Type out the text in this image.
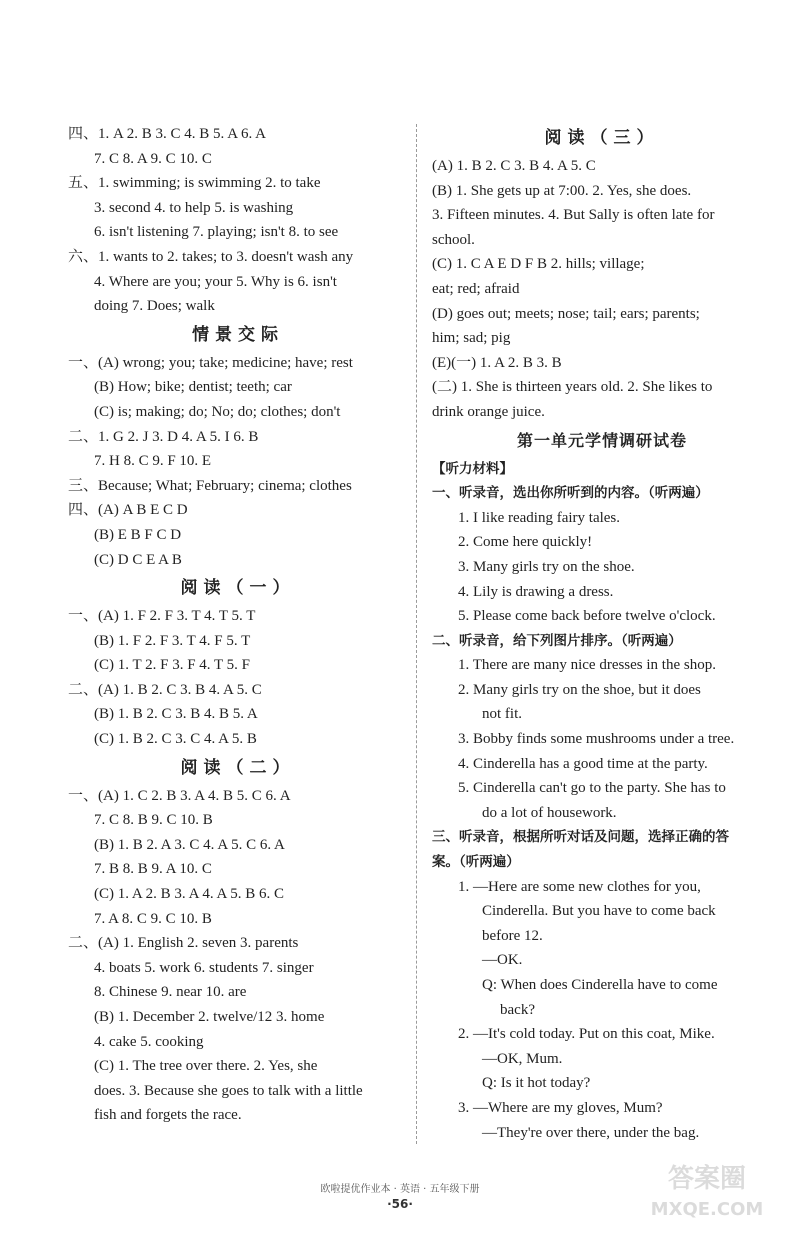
四、1. A 2. B 3. C 4. B 5. A 6. A
7. C 8. A 9. C 10. C
五、1. swimming; is swimming 2. to take
3. second 4. to help 5. is washing
6. isn't listening 7. playing; isn't 8. to see
六、1. wants to 2. takes; to 3. doesn't wash any
4. Where are you; your 5. Why is 6. isn't
doing 7. Does; walk
情景交际
一、(A) wrong; you; take; medicine; have; rest
(B) How; bike; dentist; teeth; car
(C) is; making; do; No; do; clothes; don't
二、1. G 2. J 3. D 4. A 5. I 6. B
7. H 8. C 9. F 10. E
三、Because; What; February; cinema; clothes
四、(A) A B E C D
(B) E B F C D
(C) D C E A B
阅读（一）
一、(A) 1. F 2. F 3. T 4. T 5. T
(B) 1. F 2. F 3. T 4. F 5. T
(C) 1. T 2. F 3. F 4. T 5. F
二、(A) 1. B 2. C 3. B 4. A 5. C
(B) 1. B 2. C 3. B 4. B 5. A
(C) 1. B 2. C 3. C 4. A 5. B
阅读（二）
一、(A) 1. C 2. B 3. A 4. B 5. C 6. A
7. C 8. B 9. C 10. B
(B) 1. B 2. A 3. C 4. A 5. C 6. A
7. B 8. B 9. A 10. C
(C) 1. A 2. B 3. A 4. A 5. B 6. C
7. A 8. C 9. C 10. B
二、(A) 1. English 2. seven 3. parents
4. boats 5. work 6. students 7. singer
8. Chinese 9. near 10. are
(B) 1. December 2. twelve/12 3. home
4. cake 5. cooking
(C) 1. The tree over there. 2. Yes, she
does. 3. Because she goes to talk with a little
fish and forgets the race.
阅读（三）
(A) 1. B 2. C 3. B 4. A 5. C
(B) 1. She gets up at 7:00. 2. Yes, she does.
3. Fifteen minutes. 4. But Sally is often late for
school.
(C) 1. C A E D F B 2. hills; village;
eat; red; afraid
(D) goes out; meets; nose; tail; ears; parents;
him; sad; pig
(E)(一) 1. A 2. B 3. B
(二) 1. She is thirteen years old. 2. She likes to
drink orange juice.
第一单元学情调研试卷
【听力材料】
一、听录音，选出你所听到的内容。（听两遍）
1. I like reading fairy tales.
2. Come here quickly!
3. Many girls try on the shoe.
4. Lily is drawing a dress.
5. Please come back before twelve o'clock.
二、听录音，给下列图片排序。（听两遍）
1. There are many nice dresses in the shop.
2. Many girls try on the shoe, but it does
not fit.
3. Bobby finds some mushrooms under a tree.
4. Cinderella has a good time at the party.
5. Cinderella can't go to the party. She has to
do a lot of housework.
三、听录音，根据所听对话及问题，选择正确的答
案。（听两遍）
1. —Here are some new clothes for you,
Cinderella. But you have to come back
before 12.
—OK.
Q: When does Cinderella have to come
back?
2. —It's cold today. Put on this coat, Mike.
—OK, Mum.
Q: Is it hot today?
3. —Where are my gloves, Mum?
—They're over there, under the bag.
欧啦提优作业本 · 英语 · 五年级下册
·56·
答案圈
MXQE.COM
